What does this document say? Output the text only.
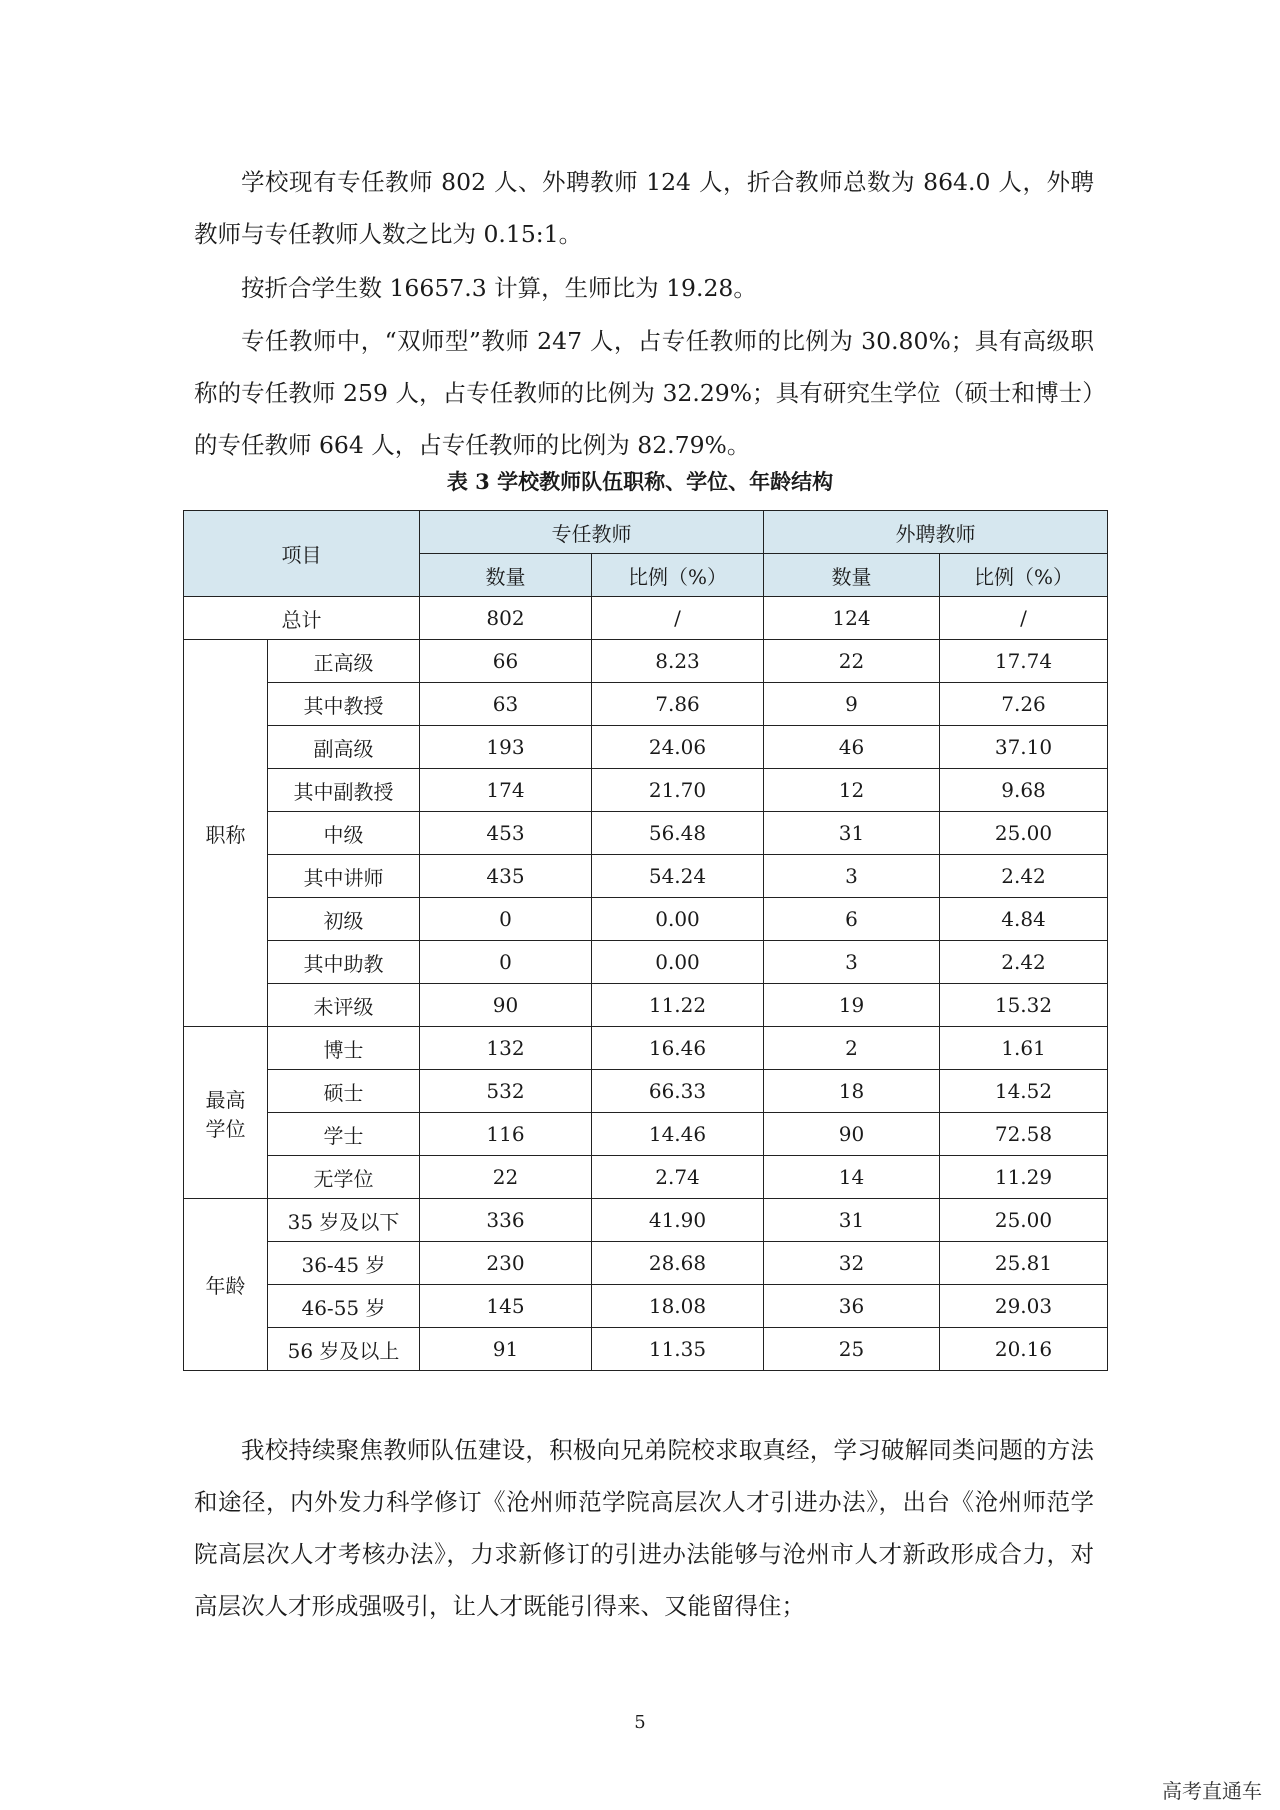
学校现有专任教师 802 人、外聘教师 124 人，折合教师总数为 864.0 人，外聘教师与专任教师人数之比为 0.15:1。

按折合学生数 16657.3 计算，生师比为 19.28。

专任教师中，“双师型”教师 247 人，占专任教师的比例为 30.80%；具有高级职称的专任教师 259 人，占专任教师的比例为 32.29%；具有研究生学位（硕士和博士）的专任教师 664 人，占专任教师的比例为 82.79%。

表 3 学校教师队伍职称、学位、年龄结构
项目		专任教师		外聘教师	
		数量	比例（%）	数量	比例（%）
总计		802	/	124	/
职称	正高级	66	8.23	22	17.74
	其中教授	63	7.86	9	7.26
	副高级	193	24.06	46	37.10
	其中副教授	174	21.70	12	9.68
	中级	453	56.48	31	25.00
	其中讲师	435	54.24	3	2.42
	初级	0	0.00	6	4.84
	其中助教	0	0.00	3	2.42
	未评级	90	11.22	19	15.32

最高
学位	博士	132	16.46	2	1.61
	硕士	532	66.33	18	14.52
	学士	116	14.46	90	72.58
	无学位	22	2.74	14	11.29
年龄	35 岁及以下	336	41.90	31	25.00
	36-45 岁	230	28.68	32	25.81
	46-55 岁	145	18.08	36	29.03
	56 岁及以上	91	11.35	25	20.16

我校持续聚焦教师队伍建设，积极向兄弟院校求取真经，学习破解同类问题的方法和途径，内外发力科学修订《沧州师范学院高层次人才引进办法》，出台《沧州师范学院高层次人才考核办法》，力求新修订的引进办法能够与沧州市人才新政形成合力，对高层次人才形成强吸引，让人才既能引得来、又能留得住；

5
高考直通车
